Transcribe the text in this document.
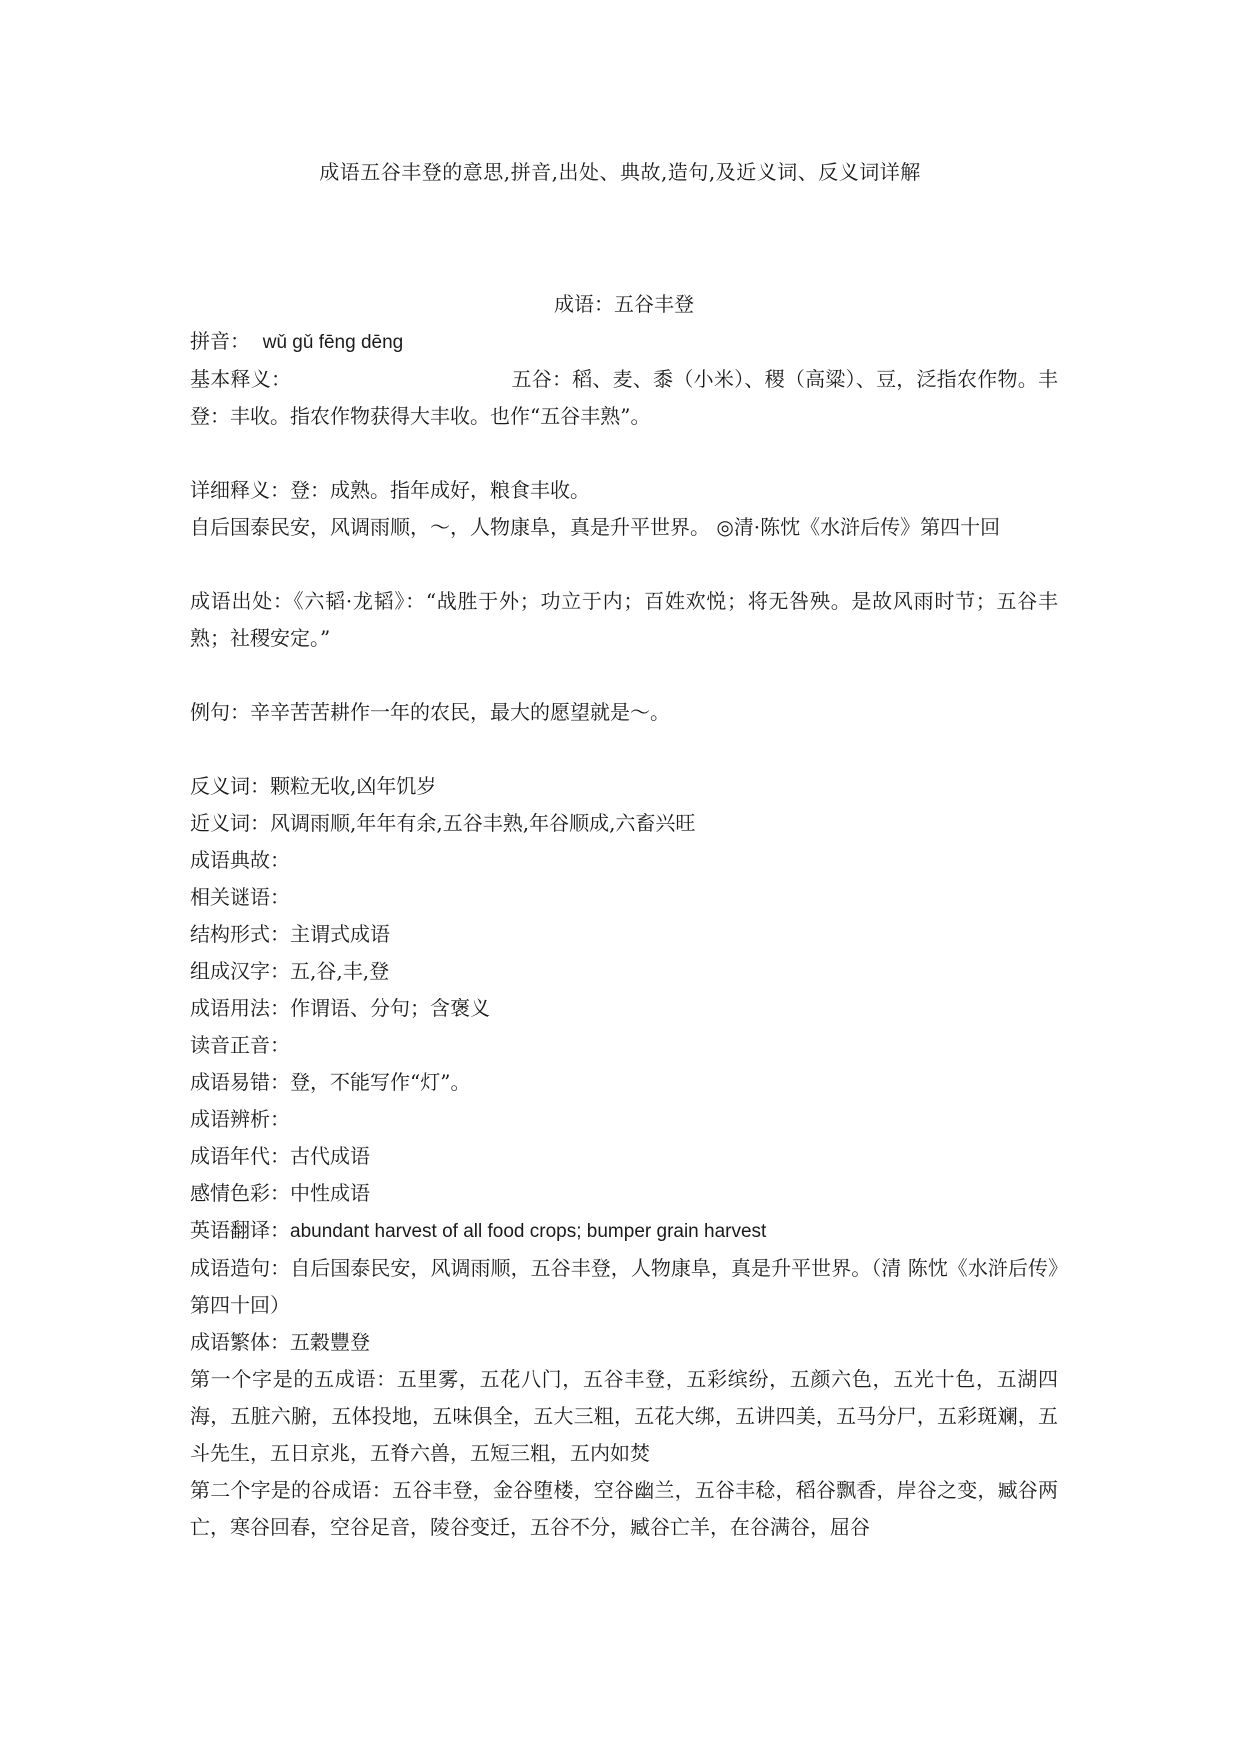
成语五谷丰登的意思,拼音,出处、典故,造句,及近义词、反义词详解

成语：五谷丰登

拼音： wǔ gǔ fēng dēng

基本释义：	五谷：稻、麦、黍（小米）、稷（高粱）、豆，泛指农作物。丰登：丰收。指农作物获得大丰收。也作“五谷丰熟”。

详细释义：登：成熟。指年成好，粮食丰收。

自后国泰民安，风调雨顺，～，人物康阜，真是升平世界。 ◎清·陈忱《水浒后传》第四十回

成语出处：《六韬·龙韬》：“战胜于外；功立于内；百姓欢悦；将无咎殃。是故风雨时节；五谷丰熟；社稷安定。”

例句：辛辛苦苦耕作一年的农民，最大的愿望就是～。

反义词：颗粒无收,凶年饥岁

近义词：风调雨顺,年年有余,五谷丰熟,年谷顺成,六畜兴旺

成语典故：

相关谜语：

结构形式：主谓式成语

组成汉字：五,谷,丰,登

成语用法：作谓语、分句；含褒义

读音正音：

成语易错：登，不能写作“灯”。

成语辨析：

成语年代：古代成语

感情色彩：中性成语

英语翻译：abundant harvest of all food crops; bumper grain harvest

成语造句：自后国泰民安，风调雨顺，五谷丰登，人物康阜，真是升平世界。（清 陈忱《水浒后传》第四十回）

成语繁体：五穀豐登

第一个字是的五成语：五里雾，五花八门，五谷丰登，五彩缤纷，五颜六色，五光十色，五湖四海，五脏六腑，五体投地，五味俱全，五大三粗，五花大绑，五讲四美，五马分尸，五彩斑斓，五斗先生，五日京兆，五脊六兽，五短三粗，五内如焚

第二个字是的谷成语：五谷丰登，金谷堕楼，空谷幽兰，五谷丰稔，稻谷飘香，岸谷之变，臧谷两亡，寒谷回春，空谷足音，陵谷变迁，五谷不分，臧谷亡羊，在谷满谷，屈谷
